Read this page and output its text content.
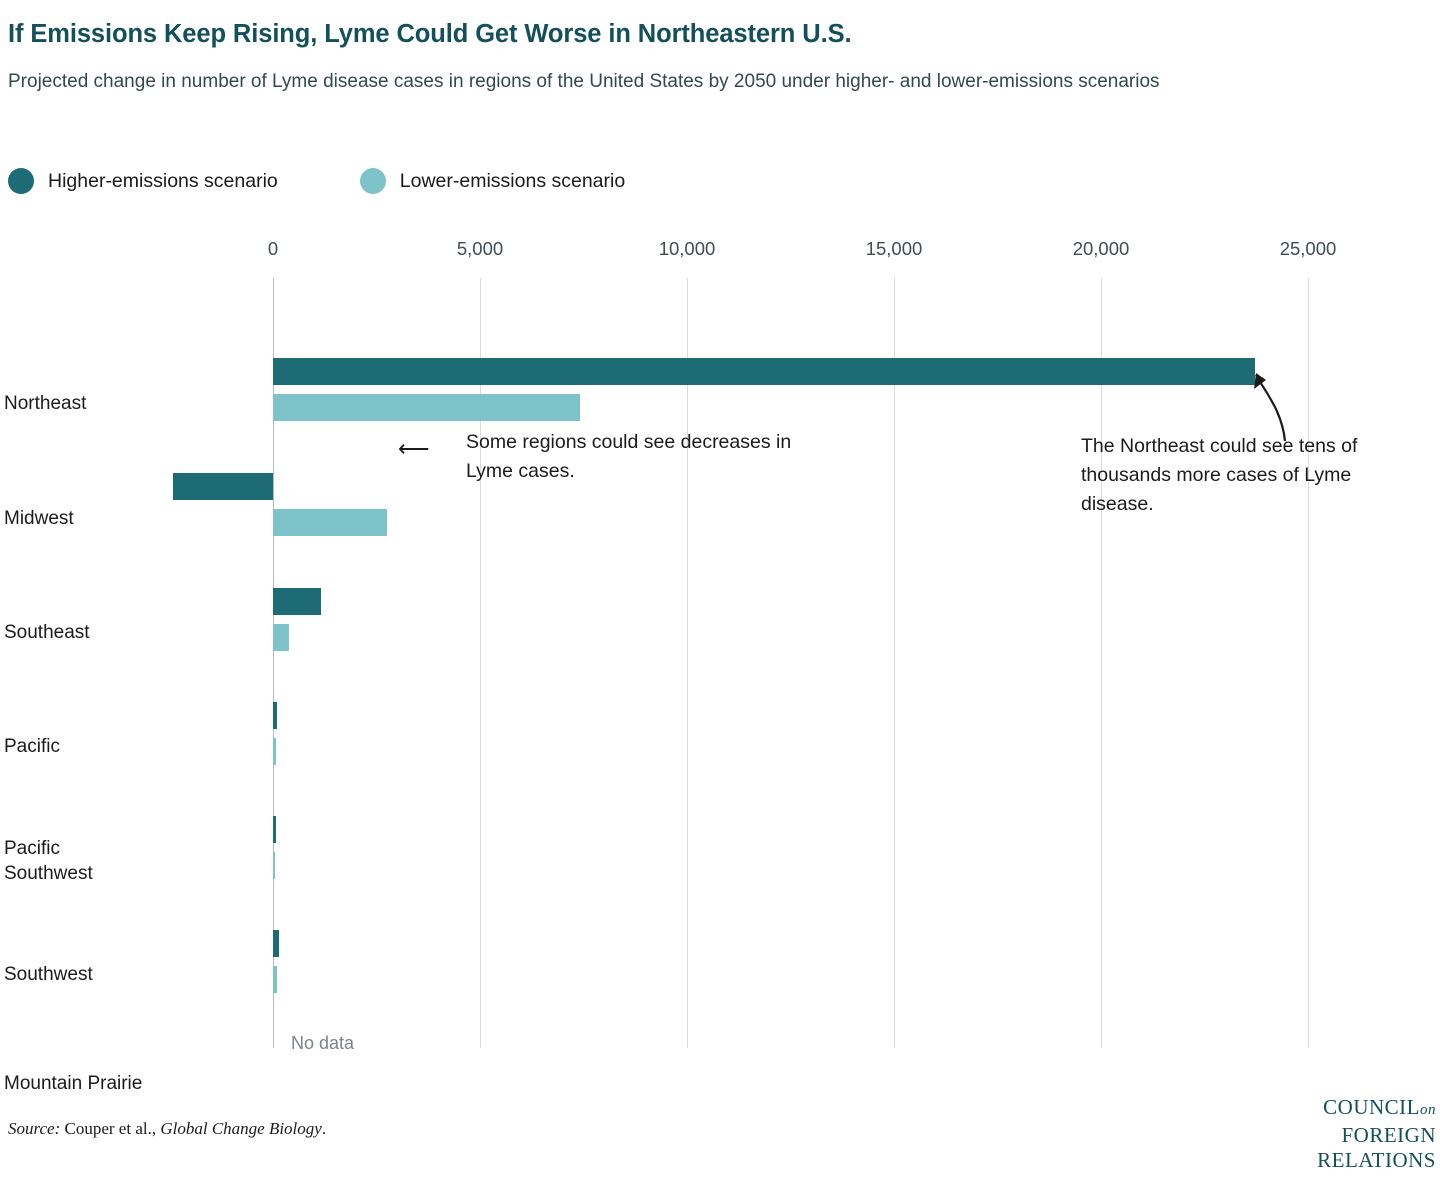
If Emissions Keep Rising, Lyme Could Get Worse in Northeastern U.S.
Projected change in number of Lyme disease cases in regions of the United States by 2050 under higher- and lower-emissions scenarios
Higher-emissions scenario	Lower-emissions scenario
0	5,000	10,000	15,000	20,000	25,000
No data
Northeast
Midwest
Southeast
Pacific
Pacific Southwest
Southwest
Mountain Prairie
⟵ Some regions could see decreases in Lyme cases.
The Northeast could see tens of thousands more cases of Lyme disease.
Source: Couper et al., Global Change Biology.
COUNCILon
FOREIGN
RELATIONS
